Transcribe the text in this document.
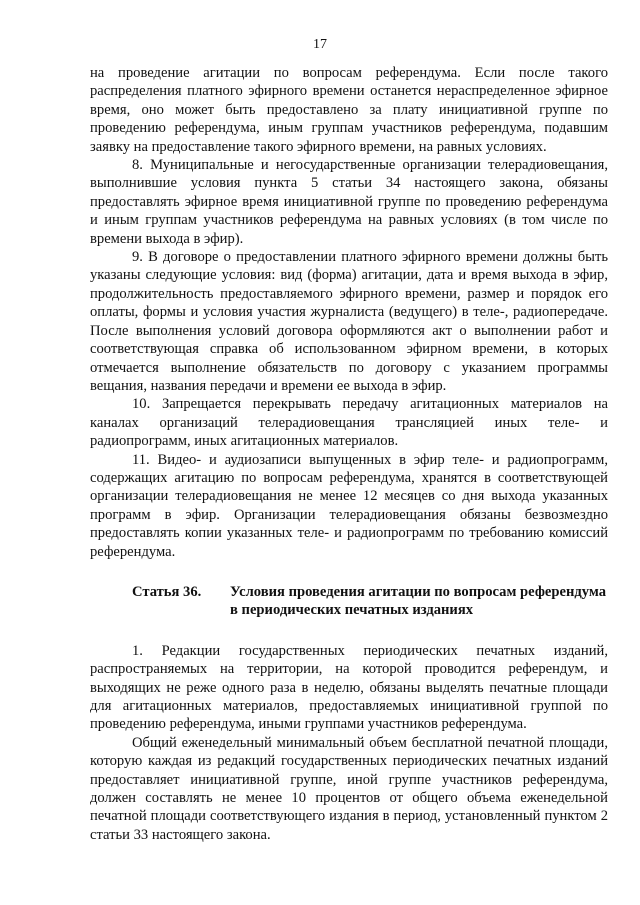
17

на проведение агитации по вопросам референдума. Если после такого распределения платного эфирного времени останется нераспределенное эфирное время, оно может быть предоставлено за плату инициативной группе по проведению референдума, иным группам участников референдума, подавшим заявку на предоставление такого эфирного времени, на равных условиях.

8. Муниципальные и негосударственные организации телерадиовещания, выполнившие условия пункта 5 статьи 34 настоящего закона, обязаны предоставлять эфирное время инициативной группе по проведению референдума и иным группам участников референдума на равных условиях (в том числе по времени выхода в эфир).

9. В договоре о предоставлении платного эфирного времени должны быть указаны следующие условия: вид (форма) агитации, дата и время выхода в эфир, продолжительность предоставляемого эфирного времени, размер и порядок его оплаты, формы и условия участия журналиста (ведущего) в теле-, радиопередаче. После выполнения условий договора оформляются акт о выполнении работ и соответствующая справка об использованном эфирном времени, в которых отмечается выполнение обязательств по договору с указанием программы вещания, названия передачи и времени ее выхода в эфир.

10. Запрещается перекрывать передачу агитационных материалов на каналах организаций телерадиовещания трансляцией иных теле- и радиопрограмм, иных агитационных материалов.

11. Видео- и аудиозаписи выпущенных в эфир теле- и радиопрограмм, содержащих агитацию по вопросам референдума, хранятся в соответствующей организации телерадиовещания не менее 12 месяцев со дня выхода указанных программ в эфир. Организации телерадиовещания обязаны безвозмездно предоставлять копии указанных теле- и радиопрограмм по требованию комиссий референдума.

Статья 36.	Условия проведения агитации по вопросам референдума в периодических печатных изданиях

1. Редакции государственных периодических печатных изданий, распространяемых на территории, на которой проводится референдум, и выходящих не реже одного раза в неделю, обязаны выделять печатные площади для агитационных материалов, предоставляемых инициативной группой по проведению референдума, иными группами участников референдума.

Общий еженедельный минимальный объем бесплатной печатной площади, которую каждая из редакций государственных периодических печатных изданий предоставляет инициативной группе, иной группе участников референдума, должен составлять не менее 10 процентов от общего объема еженедельной печатной площади соответствующего издания в период, установленный пунктом 2 статьи 33 настоящего закона.
